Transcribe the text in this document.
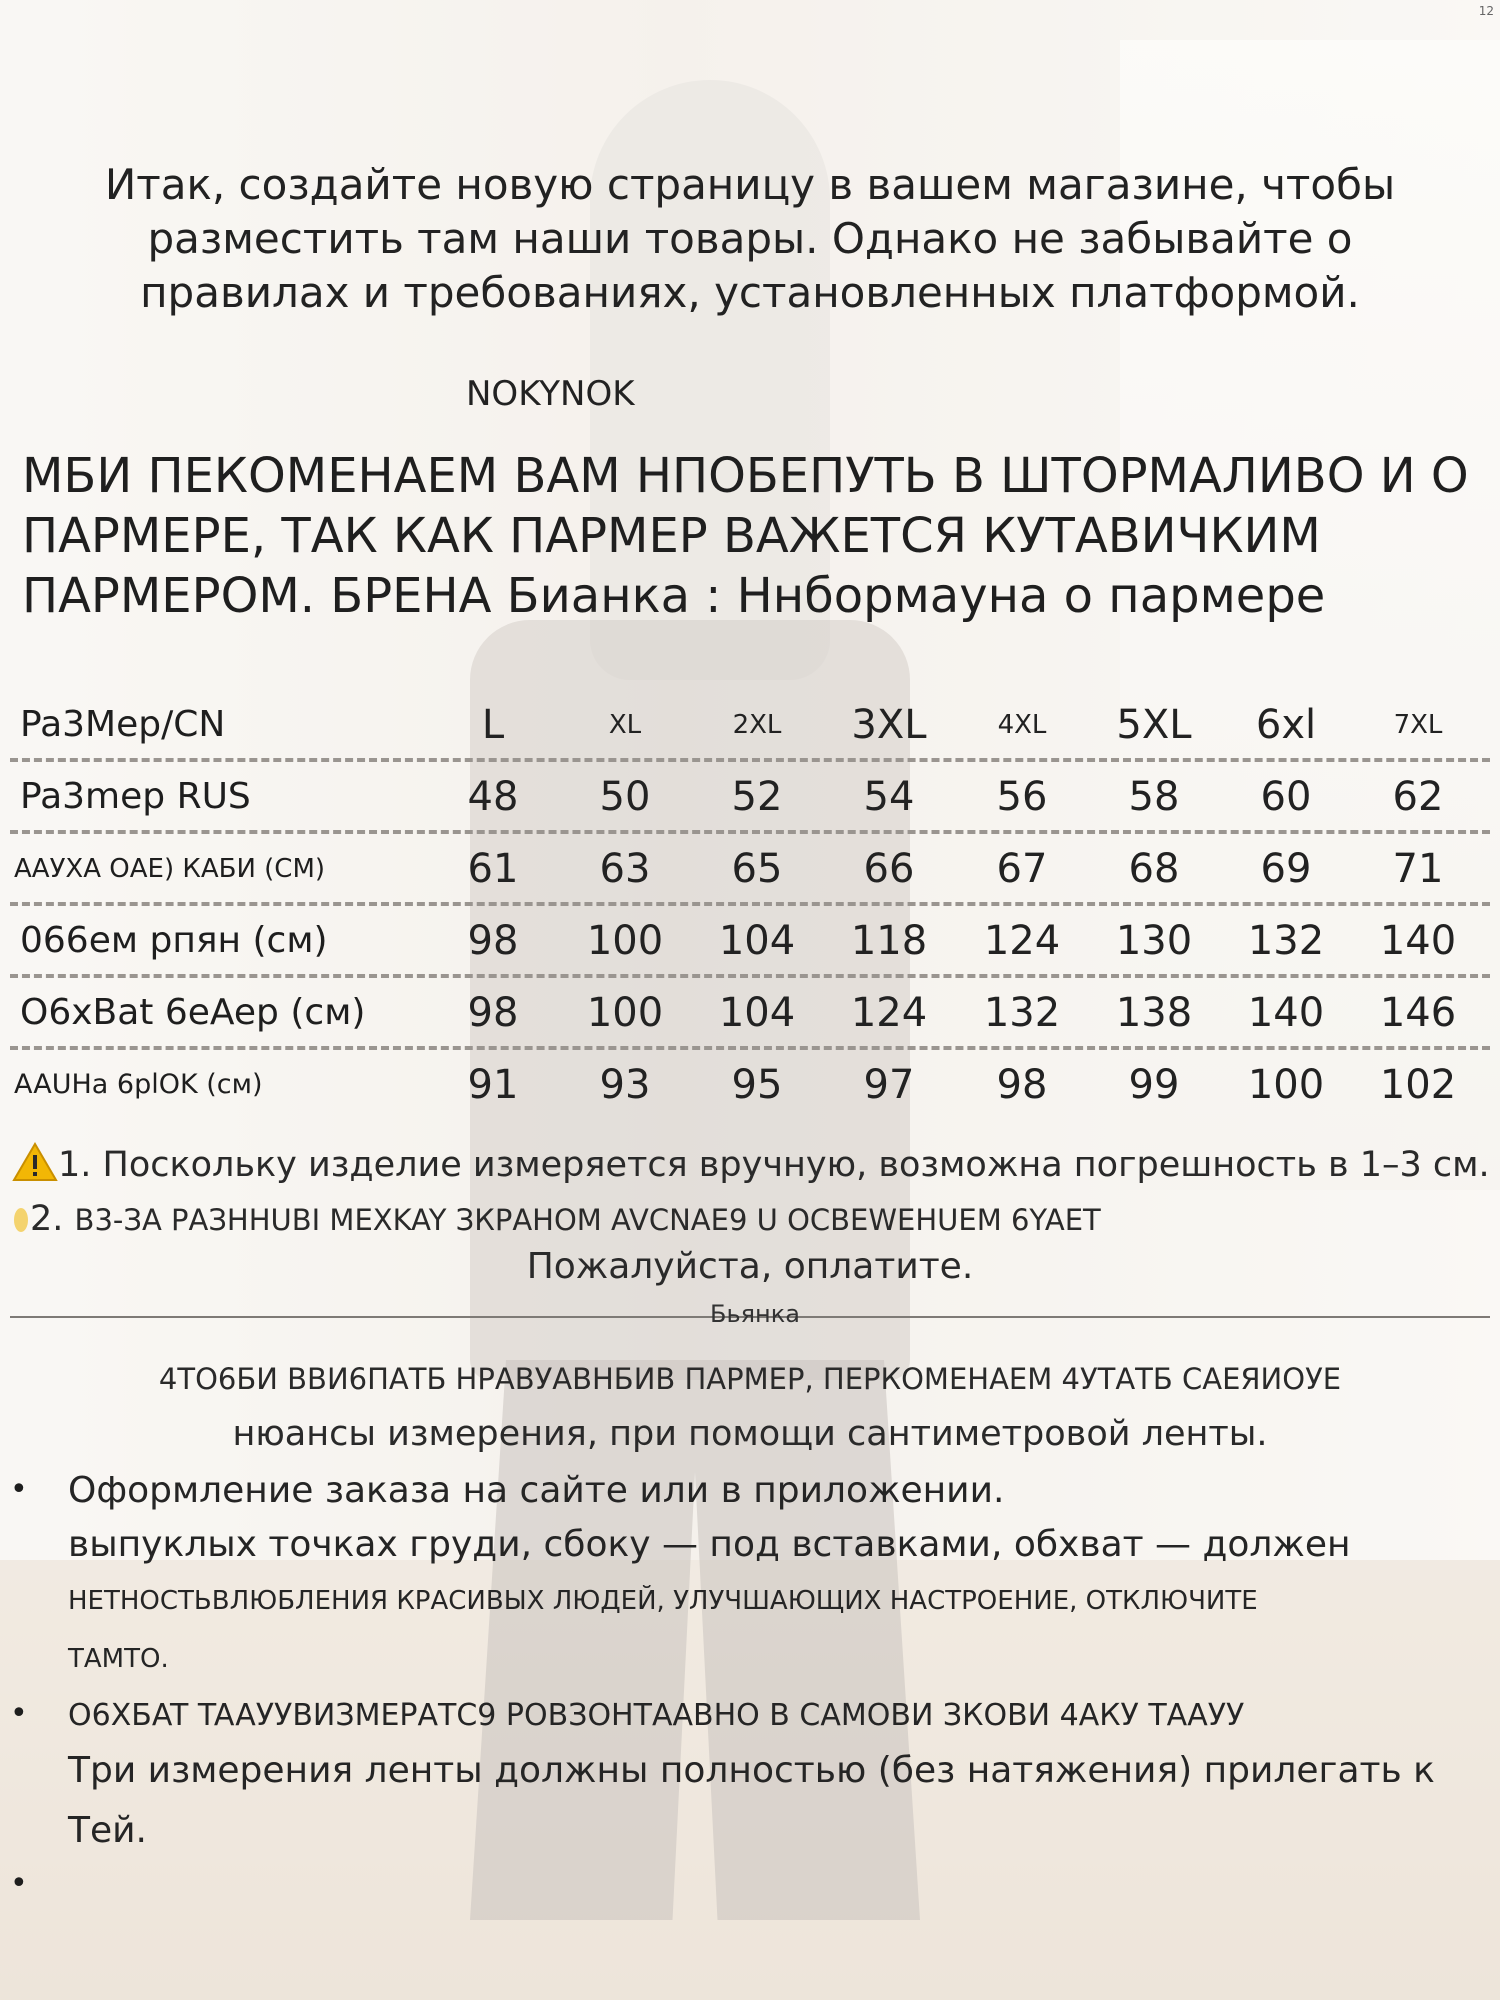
12
Итак, создайте новую страницу в вашем магазине, чтобы разместить там наши товары. Однако не забывайте о правилах и требованиях, установленных платформой.
NOKYNOK
МБИ ПЕКОМЕНАЕМ ВАМ НПОБЕПУТЬ В ШТОРМАЛИВО И О ПАРМЕРЕ, ТАК КАК ПАРМЕР ВАЖЕТСЯ КУТАВИЧКИМ ПАРМЕРОМ. БРЕНА Бианка : Ннбормауна о пармере
Pa3Mep/CN	L	XL	2XL	3XL	4XL	5XL	6xl	7XL
Pa3mep RUS	48	50	52	54	56	58	60	62
ААУХА ОАЕ) КАБИ (СМ)	61	63	65	66	67	68	69	71
066ем рпян (см)	98	100	104	118	124	130	132	140
O6xBat 6eAep (см)	98	100	104	124	132	138	140	146
AAUHa 6plOK (см)	91	93	95	97	98	99	100	102
1. Поскольку изделие измеряется вручную, возможна погрешность в 1–3 см. 2. В3-ЗА РАЗННUBI MEXKAY ЗКРАНОМ AVCNAE9 U OCBEWEHUEM 6YAET
Пожалуйста, оплатите.
Бьянка
4ТО6БИ ВВИ6ПАТБ НРАВУАВНБИВ ПАРМЕР, ПЕРКОМЕНАЕМ 4УТАТБ САЕЯИОУЕ
нюансы измерения, при помощи сантиметровой ленты.
•
•
•
Оформление заказа на сайте или в приложении.
выпуклых точках груди, сбоку — под вставками, обхват — должен
НЕТНОСТЬВЛЮБЛЕНИЯ КРАСИВЫХ ЛЮДЕЙ, УЛУЧШАЮЩИХ НАСТРОЕНИЕ, ОТКЛЮЧИТЕ
ТАМТО.
O6XБAT TAAУУВИЗМЕРАТС9 РОВЗОНТААВНО В САМОВИ ЗКОВИ 4АКУ ТААУУ
Три измерения ленты должны полностью (без натяжения) прилегать к
Тей.
